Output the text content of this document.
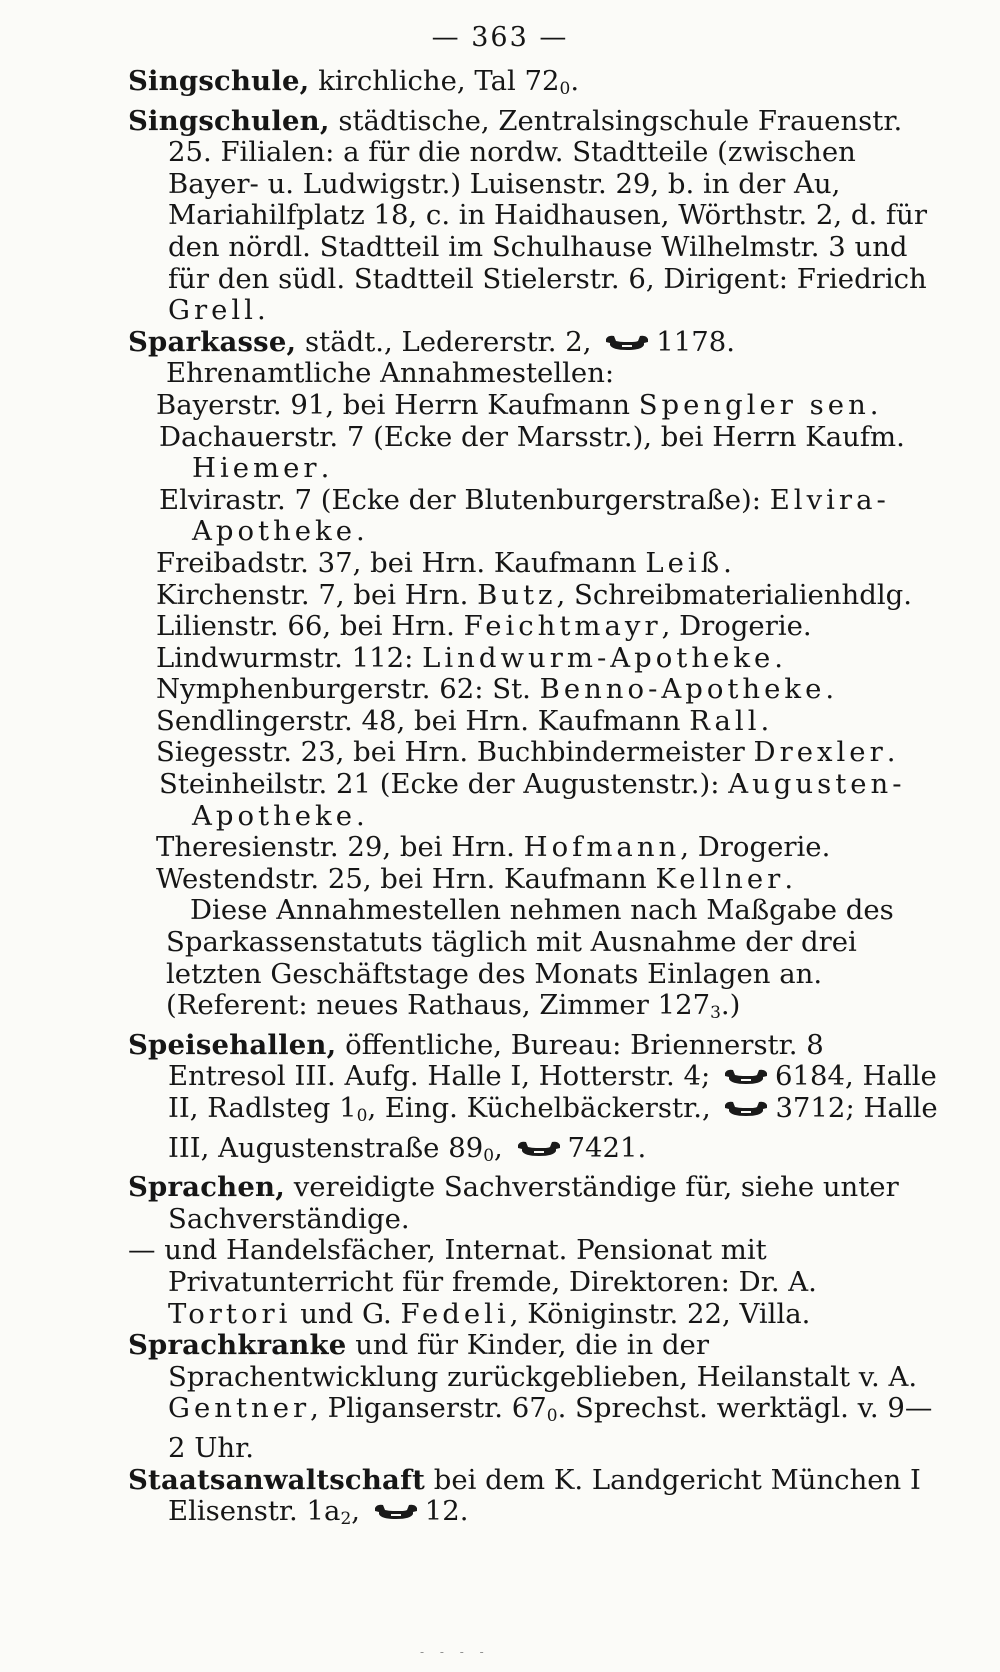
— 363 —
Singschule, kirchliche, Tal 720.
Singschulen, städtische, Zentralsingschule Frauenstr. 25. Filialen: a für die nordw. Stadtteile (zwischen Bayer- u. Ludwigstr.) Luisenstr. 29, b. in der Au, Mariahilfplatz 18, c. in Haidhausen, Wörthstr. 2, d. für den nördl. Stadtteil im Schulhause Wilhelmstr. 3 und für den südl. Stadtteil Stielerstr. 6, Dirigent: Friedrich Grell.
Sparkasse, städt., Ledererstr. 2,
1178.
Ehrenamtliche Annahmestellen:
Bayerstr. 91, bei Herrn Kaufmann Spengler sen.
Dachauerstr. 7 (Ecke der Marsstr.), bei Herrn Kaufm. Hiemer.
Elvirastr. 7 (Ecke der Blutenburgerstraße): Elvira-Apotheke.
Freibadstr. 37, bei Hrn. Kaufmann Leiß.
Kirchenstr. 7, bei Hrn. Butz, Schreibmaterialienhdlg.
Lilienstr. 66, bei Hrn. Feichtmayr, Drogerie.
Lindwurmstr. 112: Lindwurm-Apotheke.
Nymphenburgerstr. 62: St. Benno-Apotheke.
Sendlingerstr. 48, bei Hrn. Kaufmann Rall.
Siegesstr. 23, bei Hrn. Buchbindermeister Drexler.
Steinheilstr. 21 (Ecke der Augustenstr.): Augusten-Apotheke.
Theresienstr. 29, bei Hrn. Hofmann, Drogerie.
Westendstr. 25, bei Hrn. Kaufmann Kellner.
Diese Annahmestellen nehmen nach Maßgabe des Sparkassenstatuts täglich mit Ausnahme der drei letzten Geschäftstage des Monats Einlagen an. (Referent: neues Rathaus, Zimmer 1273.)
Speisehallen, öffentliche, Bureau: Briennerstr. 8 Entresol III. Aufg. Halle I, Hotterstr. 4;
6184, Halle II, Radlsteg 10, Eing. Küchelbäckerstr.,
3712; Halle III, Augustenstraße 890,
7421.
Sprachen, vereidigte Sachverständige für, siehe unter Sachverständige.
— und Handelsfächer, Internat. Pensionat mit Privatunterricht für fremde, Direktoren: Dr. A. Tortori und G. Fedeli, Königinstr. 22, Villa.
Sprachkranke und für Kinder, die in der Sprachentwicklung zurückgeblieben, Heilanstalt v. A. Gentner, Pliganserstr. 670. Sprechst. werktägl. v. 9—2 Uhr.
Staatsanwaltschaft bei dem K. Landgericht München I Elisenstr. 1a2,
12.
- - - -
